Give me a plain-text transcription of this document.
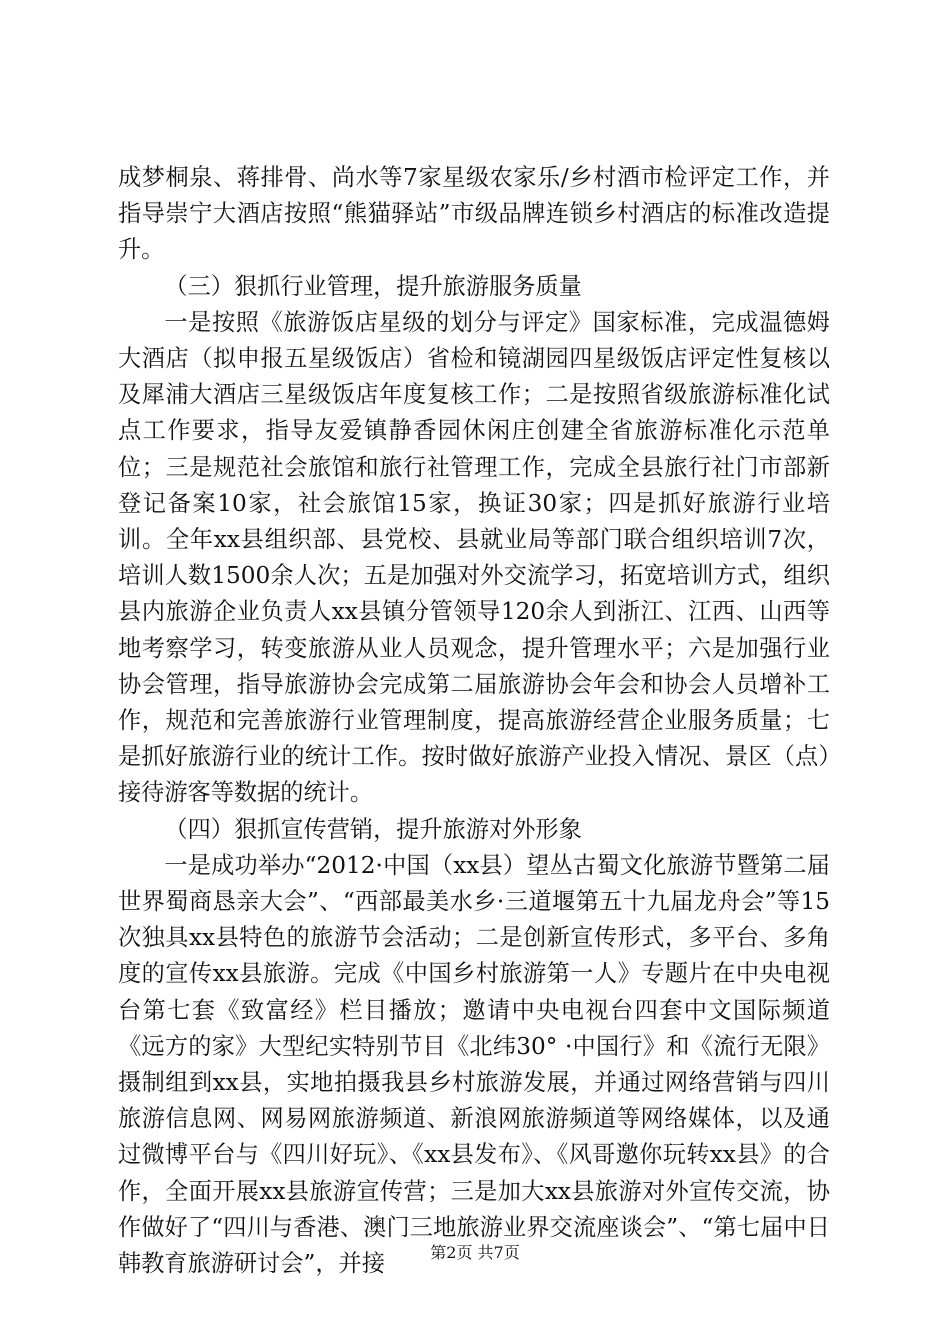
成梦桐泉、蒋排骨、尚水等7家星级农家乐/乡村酒市检评定工作，并指导崇宁大酒店按照“熊猫驿站”市级品牌连锁乡村酒店的标准改造提升。

（三）狠抓行业管理，提升旅游服务质量

一是按照《旅游饭店星级的划分与评定》国家标准，完成温德姆大酒店（拟申报五星级饭店）省检和镜湖园四星级饭店评定性复核以及犀浦大酒店三星级饭店年度复核工作；二是按照省级旅游标准化试点工作要求，指导友爱镇静香园休闲庄创建全省旅游标准化示范单位；三是规范社会旅馆和旅行社管理工作，完成全县旅行社门市部新登记备案10家，社会旅馆15家，换证30家；四是抓好旅游行业培训。全年xx县组织部、县党校、县就业局等部门联合组织培训7次，培训人数1500余人次；五是加强对外交流学习，拓宽培训方式，组织县内旅游企业负责人xx县镇分管领导120余人到浙江、江西、山西等地考察学习，转变旅游从业人员观念，提升管理水平；六是加强行业协会管理，指导旅游协会完成第二届旅游协会年会和协会人员增补工作，规范和完善旅游行业管理制度，提高旅游经营企业服务质量；七是抓好旅游行业的统计工作。按时做好旅游产业投入情况、景区（点）接待游客等数据的统计。

（四）狠抓宣传营销，提升旅游对外形象

一是成功举办“2012·中国（xx县）望丛古蜀文化旅游节暨第二届世界蜀商恳亲大会”、“西部最美水乡·三道堰第五十九届龙舟会”等15次独具xx县特色的旅游节会活动；二是创新宣传形式，多平台、多角度的宣传xx县旅游。完成《中国乡村旅游第一人》专题片在中央电视台第七套《致富经》栏目播放；邀请中央电视台四套中文国际频道《远方的家》大型纪实特别节目《北纬30° ·中国行》和《流行无限》摄制组到xx县，实地拍摄我县乡村旅游发展，并通过网络营销与四川旅游信息网、网易网旅游频道、新浪网旅游频道等网络媒体，以及通过微博平台与《四川好玩》、《xx县发布》、《风哥邀你玩转xx县》的合作，全面开展xx县旅游宣传营；三是加大xx县旅游对外宣传交流，协作做好了“四川与香港、澳门三地旅游业界交流座谈会”、“第七届中日韩教育旅游研讨会”，并接	第2页 共7页
